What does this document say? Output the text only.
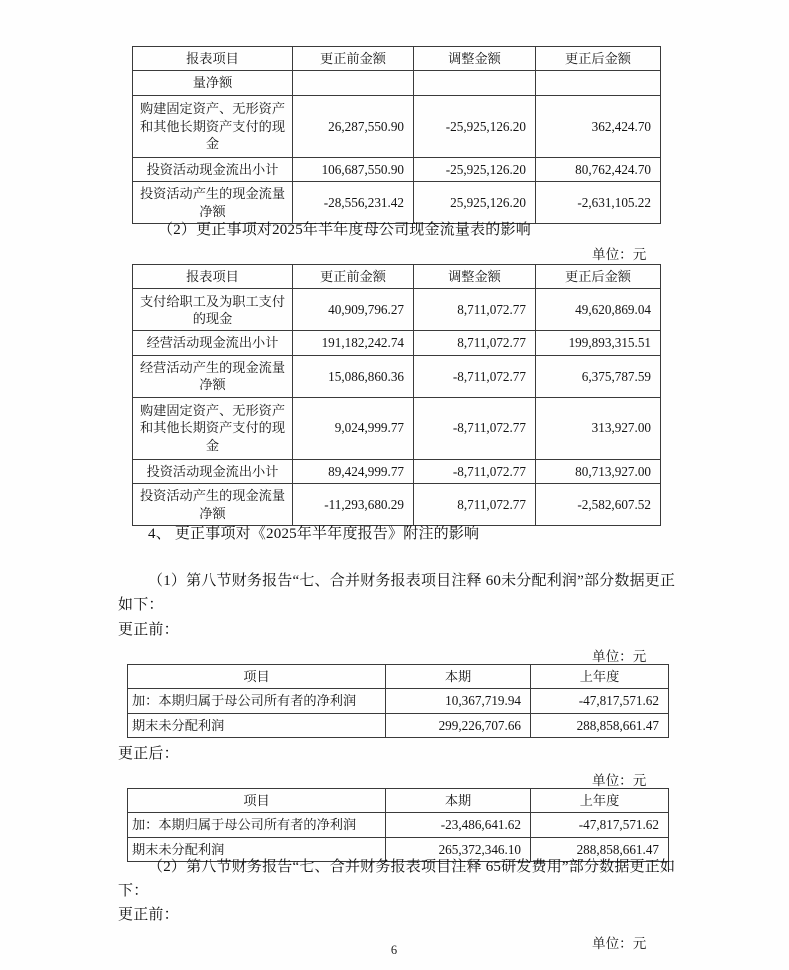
报表项目	更正前金额	调整金额	更正后金额
量净额			
购建固定资产、无形资产和其他长期资产支付的现金	26,287,550.90	-25,925,126.20	362,424.70
投资活动现金流出小计	106,687,550.90	-25,925,126.20	80,762,424.70
投资活动产生的现金流量净额	-28,556,231.42	25,925,126.20	-2,631,105.22
（2）更正事项对2025年半年度母公司现金流量表的影响
单位：元
报表项目	更正前金额	调整金额	更正后金额
支付给职工及为职工支付的现金	40,909,796.27	8,711,072.77	49,620,869.04
经营活动现金流出小计	191,182,242.74	8,711,072.77	199,893,315.51
经营活动产生的现金流量净额	15,086,860.36	-8,711,072.77	6,375,787.59
购建固定资产、无形资产和其他长期资产支付的现金	9,024,999.77	-8,711,072.77	313,927.00
投资活动现金流出小计	89,424,999.77	-8,711,072.77	80,713,927.00
投资活动产生的现金流量净额	-11,293,680.29	8,711,072.77	-2,582,607.52
4、 更正事项对《2025年半年度报告》附注的影响
（1）第八节财务报告“七、合并财务报表项目注释 60未分配利润”部分数据更正如下：
更正前：
单位：元
项目	本期	上年度
加：本期归属于母公司所有者的净利润	10,367,719.94	-47,817,571.62
期末未分配利润	299,226,707.66	288,858,661.47
更正后：
单位：元
项目	本期	上年度
加：本期归属于母公司所有者的净利润	-23,486,641.62	-47,817,571.62
期末未分配利润	265,372,346.10	288,858,661.47
（2）第八节财务报告“七、合并财务报表项目注释 65研发费用”部分数据更正如下：
更正前：
单位：元
6
